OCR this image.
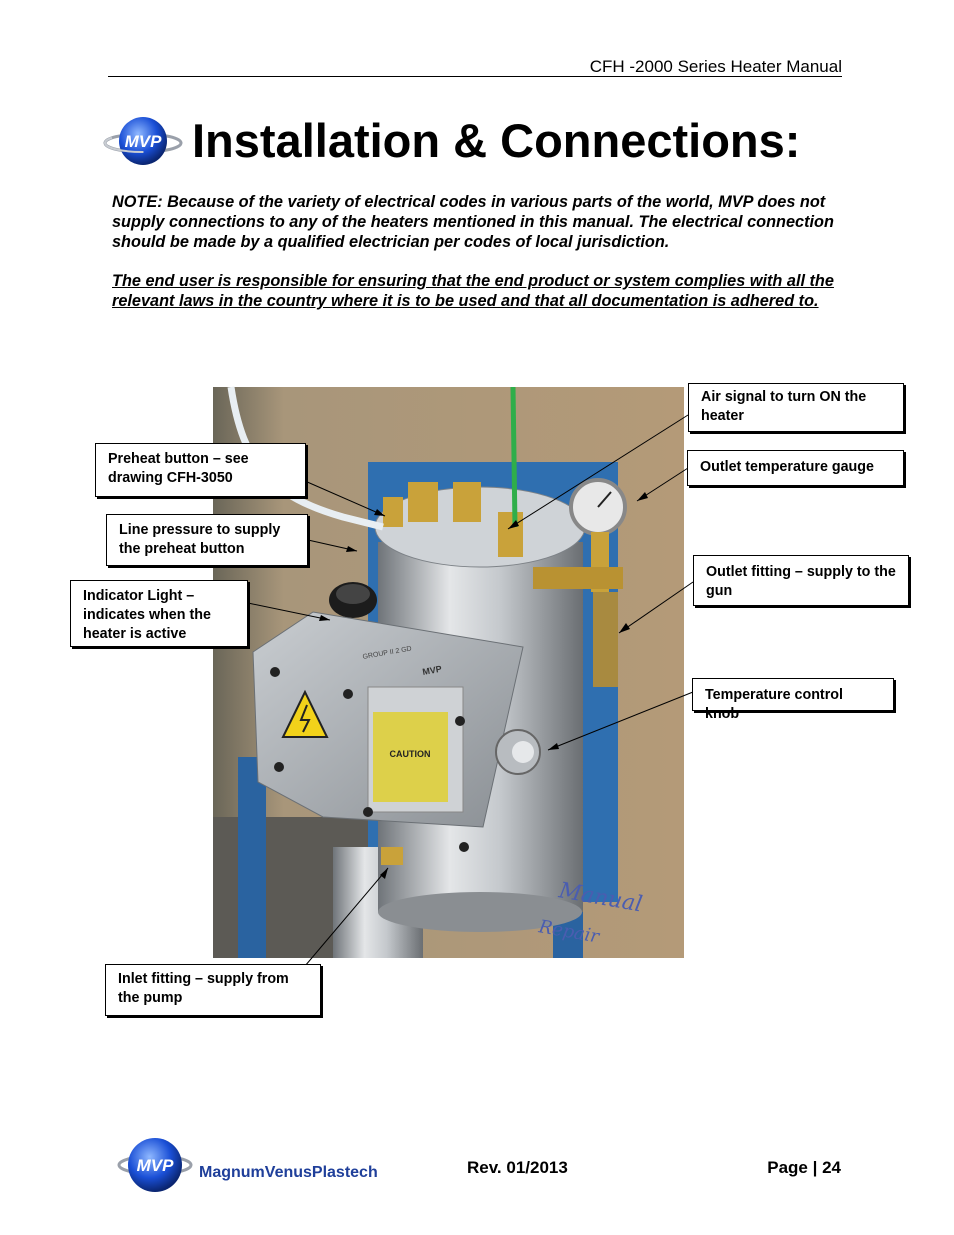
CFH -2000 Series Heater Manual
MVP Installation & Connections:

NOTE: Because of the variety of electrical codes in various parts of the world, MVP does not supply connections to any of the heaters mentioned in this manual. The electrical connection should be made by a qualified electrician per codes of local jurisdiction.

The end user is responsible for ensuring that the end product or system complies with all the relevant laws in the country where it is to be used and that all documentation is adhered to.

CAUTION
MVP
GROUP II 2 GD
Manual
Repair
Air signal to turn ON the heater
Outlet temperature gauge
Preheat button – see drawing CFH-3050
Line pressure to supply the preheat button
Outlet fitting – supply to the gun
Indicator Light – indicates when the heater is active
Temperature control knob
Inlet fitting – supply from the pump
MVP MagnumVenusPlastech	Rev. 01/2013	Page | 24
